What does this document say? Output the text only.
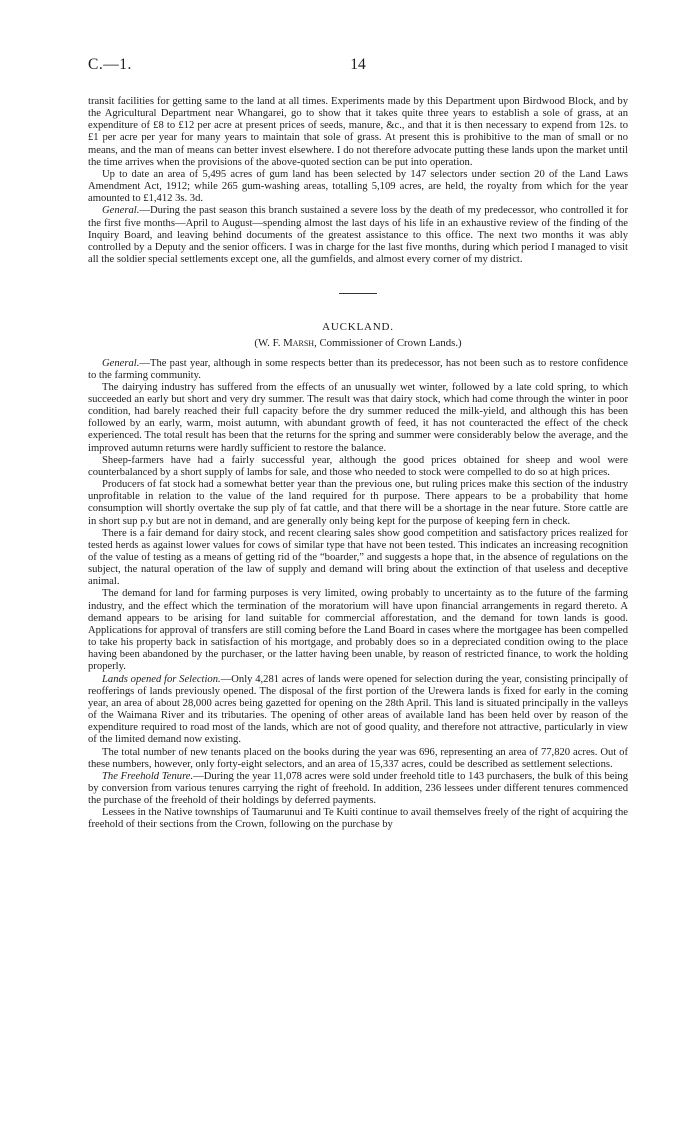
C.—1.	14

transit facilities for getting same to the land at all times. Experiments made by this Department upon Birdwood Block, and by the Agricultural Department near Whangarei, go to show that it takes quite three years to establish a sole of grass, at an expenditure of £8 to £12 per acre at present prices of seeds, manure, &c., and that it is then necessary to expend from 12s. to £1 per acre per year for many years to maintain that sole of grass. At present this is prohibitive to the man of small or no means, and the man of means can better invest elsewhere. I do not therefore advocate putting these lands upon the market until the time arrives when the provisions of the above-quoted section can be put into operation.

Up to date an area of 5,495 acres of gum land has been selected by 147 selectors under section 20 of the Land Laws Amendment Act, 1912; while 265 gum-washing areas, totalling 5,109 acres, are held, the royalty from which for the year amounted to £1,412 3s. 3d.

General.—During the past season this branch sustained a severe loss by the death of my predecessor, who controlled it for the first five months—April to August—spending almost the last days of his life in an exhaustive review of the finding of the Inquiry Board, and leaving behind documents of the greatest assistance to this office. The next two months it was ably controlled by a Deputy and the senior officers. I was in charge for the last five months, during which period I managed to visit all the soldier special settlements except one, all the gumfields, and almost every corner of my district.

AUCKLAND.
(W. F. Marsh, Commissioner of Crown Lands.)

General.—The past year, although in some respects better than its predecessor, has not been such as to restore confidence to the farming community.

The dairying industry has suffered from the effects of an unusually wet winter, followed by a late cold spring, to which succeeded an early but short and very dry summer. The result was that dairy stock, which had come through the winter in poor condition, had barely reached their full capacity before the dry summer reduced the milk-yield, and although this has been followed by an early, warm, moist autumn, with abundant growth of feed, it has not counteracted the effect of the check experienced. The total result has been that the returns for the spring and summer were considerably below the average, and the improved autumn returns were hardly sufficient to restore the balance.

Sheep-farmers have had a fairly successful year, although the good prices obtained for sheep and wool were counterbalanced by a short supply of lambs for sale, and those who needed to stock were compelled to do so at high prices.

Producers of fat stock had a somewhat better year than the previous one, but ruling prices make this section of the industry unprofitable in relation to the value of the land required for th purpose. There appears to be a probability that home consumption will shortly overtake the sup ply of fat cattle, and that there will be a shortage in the near future. Store cattle are in short sup p.y but are not in demand, and are generally only being kept for the purpose of keeping fern in check.

There is a fair demand for dairy stock, and recent clearing sales show good competition and satisfactory prices realized for tested herds as against lower values for cows of similar type that have not been tested. This indicates an increasing recognition of the value of testing as a means of getting rid of the “boarder,” and suggests a hope that, in the absence of regulations on the subject, the natural operation of the law of supply and demand will bring about the extinction of that useless and deceptive animal.

The demand for land for farming purposes is very limited, owing probably to uncertainty as to the future of the farming industry, and the effect which the termination of the moratorium will have upon financial arrangements in regard thereto. A demand appears to be arising for land suitable for commercial afforestation, and the demand for town lands is good. Applications for approval of transfers are still coming before the Land Board in cases where the mortgagee has been compelled to take his property back in satisfaction of his mortgage, and probably does so in a depreciated condition owing to the place having been abandoned by the purchaser, or the latter having been unable, by reason of restricted finance, to work the holding properly.

Lands opened for Selection.—Only 4,281 acres of lands were opened for selection during the year, consisting principally of reofferings of lands previously opened. The disposal of the first portion of the Urewera lands is fixed for early in the coming year, an area of about 28,000 acres being gazetted for opening on the 28th April. This land is situated principally in the valleys of the Waimana River and its tributaries. The opening of other areas of available land has been held over by reason of the expenditure required to road most of the lands, which are not of good quality, and therefore not attractive, particularly in view of the limited demand now existing.

The total number of new tenants placed on the books during the year was 696, representing an area of 77,820 acres. Out of these numbers, however, only forty-eight selectors, and an area of 15,337 acres, could be described as settlement selections.

The Freehold Tenure.—During the year 11,078 acres were sold under freehold title to 143 purchasers, the bulk of this being by conversion from various tenures carrying the right of freehold. In addition, 236 lessees under different tenures commenced the purchase of the freehold of their holdings by deferred payments.

Lessees in the Native townships of Taumarunui and Te Kuiti continue to avail themselves freely of the right of acquiring the freehold of their sections from the Crown, following on the purchase by
